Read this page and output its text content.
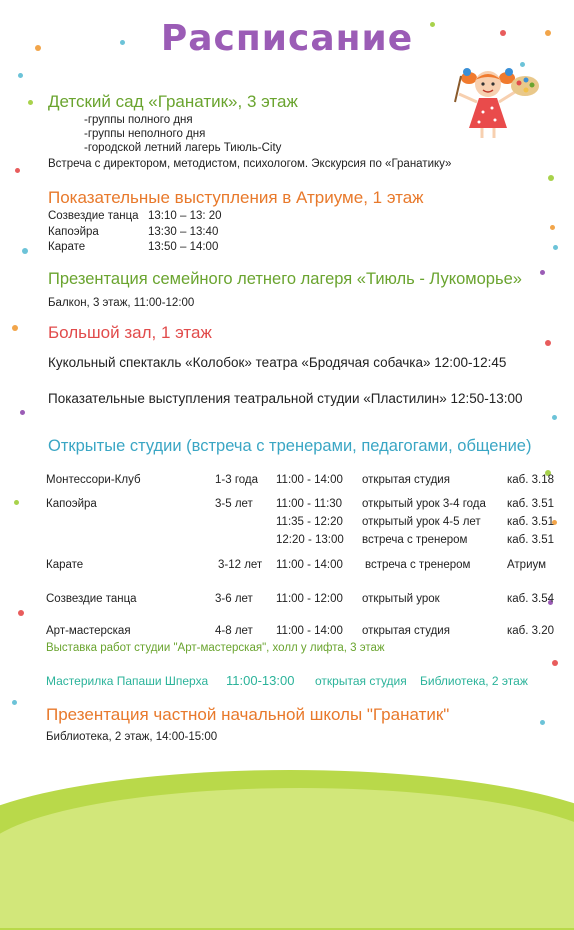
Расписание
Детский сад «Гранатик», 3 этаж
-группы полного дня
-группы неполного дня
-городской летний лагерь Тиюль-City
Встреча с директором, методистом, психологом. Экскурсия по «Гранатику»
Показательные выступления в Атриуме, 1 этаж
Созвездие танца 13:10 – 13: 20
Капоэйра	13:30 – 13:40
Карате	13:50 – 14:00
Презентация семейного летнего лагеря «Тиюль - Лукоморье»
Балкон, 3 этаж, 11:00-12:00
Большой зал, 1 этаж
Кукольный спектакль «Колобок» театра «Бродячая собачка» 12:00-12:45
Показательные выступления театральной студии «Пластилин» 12:50-13:00
Открытые студии (встреча с тренерами, педагогами, общение)
Монтессори-Клуб	1-3 года 11:00 - 14:00 открытая студия	каб. 3.18
Капоэйра	3-5 лет 11:00 - 11:30 открытый урок 3-4 года каб. 3.51
11:35 - 12:20 открытый урок 4-5 лет каб. 3.51
12:20 - 13:00 встреча с тренером	каб. 3.51
Карате	3-12 лет 11:00 - 14:00 встреча с тренером	Атриум
Созвездие танца	3-6 лет 11:00 - 12:00 открытый урок	каб. 3.54
Арт-мастерская	4-8 лет 11:00 - 14:00 открытая студия	каб. 3.20
Выставка работ студии "Арт-мастерская", холл у лифта, 3 этаж
Мастерилка Папаши Шперха 11:00-13:00 открытая студия Библиотека, 2 этаж
Презентация частной начальной школы "Гранатик"
Библиотека, 2 этаж, 14:00-15:00
